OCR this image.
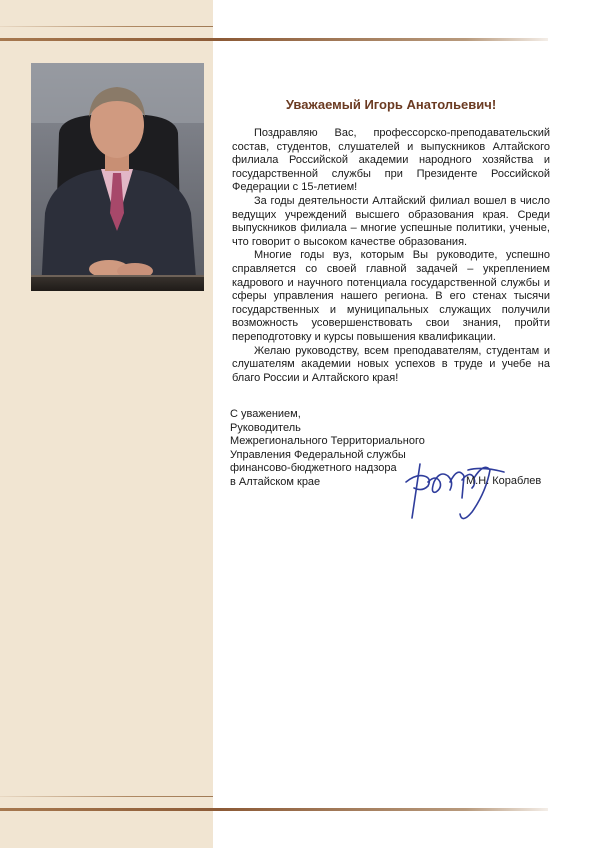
Уважаемый Игорь Анатольевич!

Поздравляю Вас, профессорско-преподавательский состав, студентов, слушателей и выпускников Алтайского филиала Российской академии народного хозяйства и государственной службы при Президенте Российской Федерации с 15-летием!

За годы деятельности Алтайский филиал вошел в число ведущих учреждений высшего образования края. Среди выпускников филиала – многие успешные политики, ученые, что говорит о высоком качестве образования.

Многие годы вуз, которым Вы руководите, успешно справляется со своей главной задачей – укреплением кадрового и научного потенциала государственной службы и сферы управления нашего региона. В его стенах тысячи государственных и муниципальных служащих получили возможность усовершенствовать свои знания, пройти переподготовку и курсы повышения квалификации.

Желаю руководству, всем преподавателям, студентам и слушателям академии новых успехов в труде и учебе на благо России и Алтайского края!

С уважением,
Руководитель
Межрегионального Территориального
Управления Федеральной службы
финансово-бюджетного надзора
в Алтайском крае	М.Н. Кораблев
